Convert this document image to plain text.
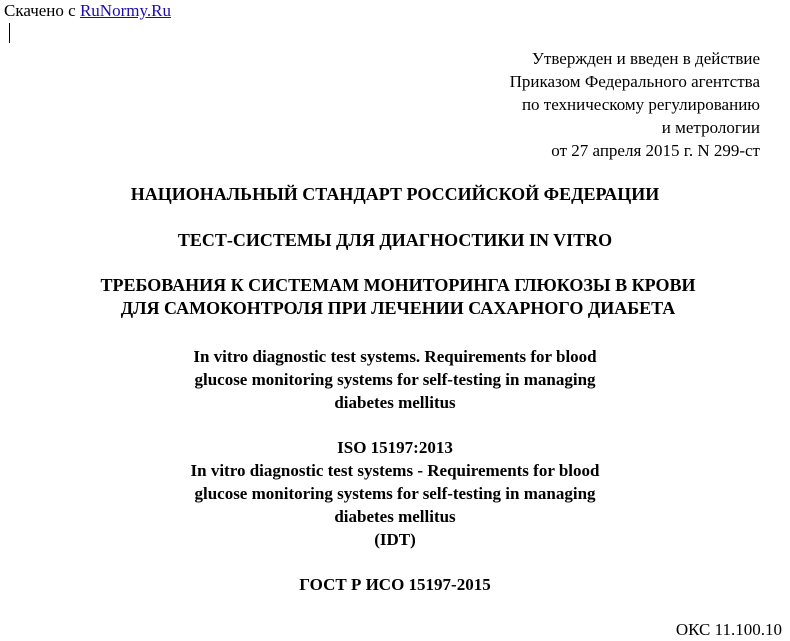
Скачено с RuNormy.Ru
Утвержден и введен в действие
Приказом Федерального агентства
по техническому регулированию
и метрологии
от 27 апреля 2015 г. N 299-ст
НАЦИОНАЛЬНЫЙ СТАНДАРТ РОССИЙСКОЙ ФЕДЕРАЦИИ
ТЕСТ-СИСТЕМЫ ДЛЯ ДИАГНОСТИКИ IN VITRO
ТРЕБОВАНИЯ К СИСТЕМАМ МОНИТОРИНГА ГЛЮКОЗЫ В КРОВИ
ДЛЯ САМОКОНТРОЛЯ ПРИ ЛЕЧЕНИИ САХАРНОГО ДИАБЕТА
In vitro diagnostic test systems. Requirements for blood
glucose monitoring systems for self-testing in managing
diabetes mellitus
ISO 15197:2013
In vitro diagnostic test systems - Requirements for blood
glucose monitoring systems for self-testing in managing
diabetes mellitus
(IDT)
ГОСТ Р ИСО 15197-2015
ОКС 11.100.10
